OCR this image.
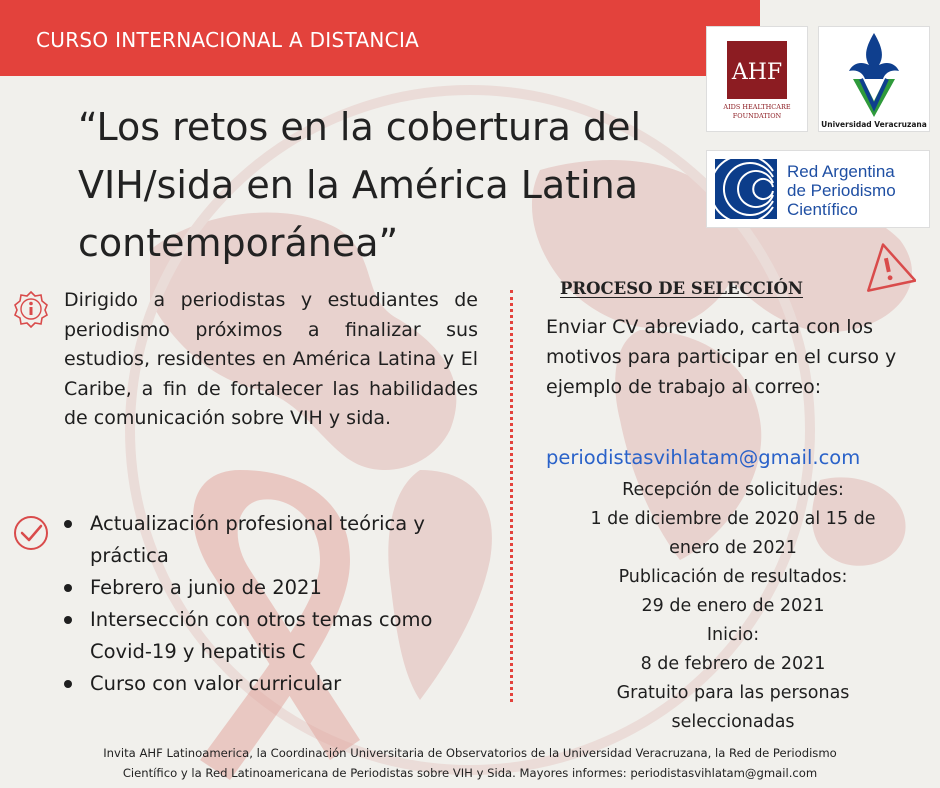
CURSO INTERNACIONAL A DISTANCIA
AHF
AIDS HEALTHCARE
FOUNDATION
Universidad Veracruzana
Red Argentina
de Periodismo
Científico
“Los retos en la cobertura del VIH/sida en la América Latina contemporánea”
Dirigido a periodistas y estudiantes de periodismo próximos a finalizar sus estudios, residentes en América Latina y El Caribe, a fin de fortalecer las habilidades de comunicación sobre VIH y sida.
Actualización profesional teórica y práctica
Febrero a junio de 2021
Intersección con otros temas como Covid-19 y hepatitis C
Curso con valor curricular
PROCESO DE SELECCIÓN
Enviar CV abreviado, carta con los motivos para participar en el curso y ejemplo de trabajo al correo:
periodistasvihlatam@gmail.com
Recepción de solicitudes:
1 de diciembre de 2020 al 15 de
enero de 2021
Publicación de resultados:
29 de enero de 2021
Inicio:
8 de febrero de 2021
Gratuito para las personas
seleccionadas
Invita AHF Latinoamerica, la Coordinación Universitaria de Observatorios de la Universidad Veracruzana, la Red de Periodismo
Científico y la Red Latinoamericana de Periodistas sobre VIH y Sida. Mayores informes: periodistasvihlatam@gmail.com
